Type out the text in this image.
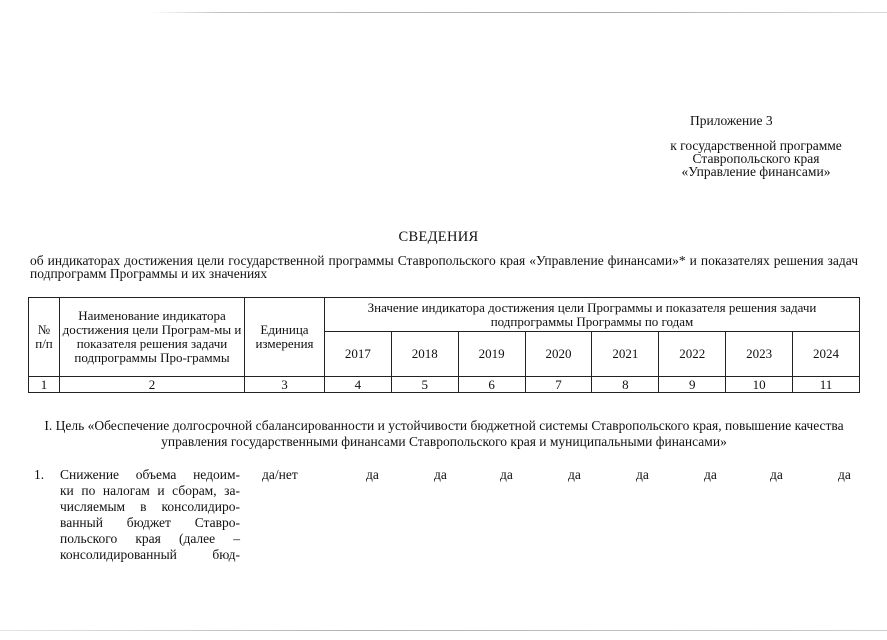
Приложение 3
к государственной программе
Ставропольского края
«Управление финансами»
СВЕДЕНИЯ
об индикаторах достижения цели государственной программы Ставропольского края «Управление финансами»* и показателях решения задач подпрограмм Программы и их значениях
№ п/п	Наименование индикатора достижения цели Програм-мы и показателя решения задачи подпрограммы Про-граммы	Единица измерения	Значение индикатора достижения цели Программы и показателя решения задачи подпрограммы Программы по годам							
			2017	2018	2019	2020	2021	2022	2023	2024
1	2	3	4	5	6	7	8	9	10	11
I. Цель «Обеспечение долгосрочной сбалансированности и устойчивости бюджетной системы Ставропольского края, повышение качества управления государственными финансами Ставропольского края и муниципальными финансами»
1. Снижение объема недоим-
ки по налогам и сборам, за-
числяемым в консолидиро-
ванный бюджет Ставро-
польского края (далее –
консолидированный бюд-
да/нет	да	да	да	да	да	да	да	да
